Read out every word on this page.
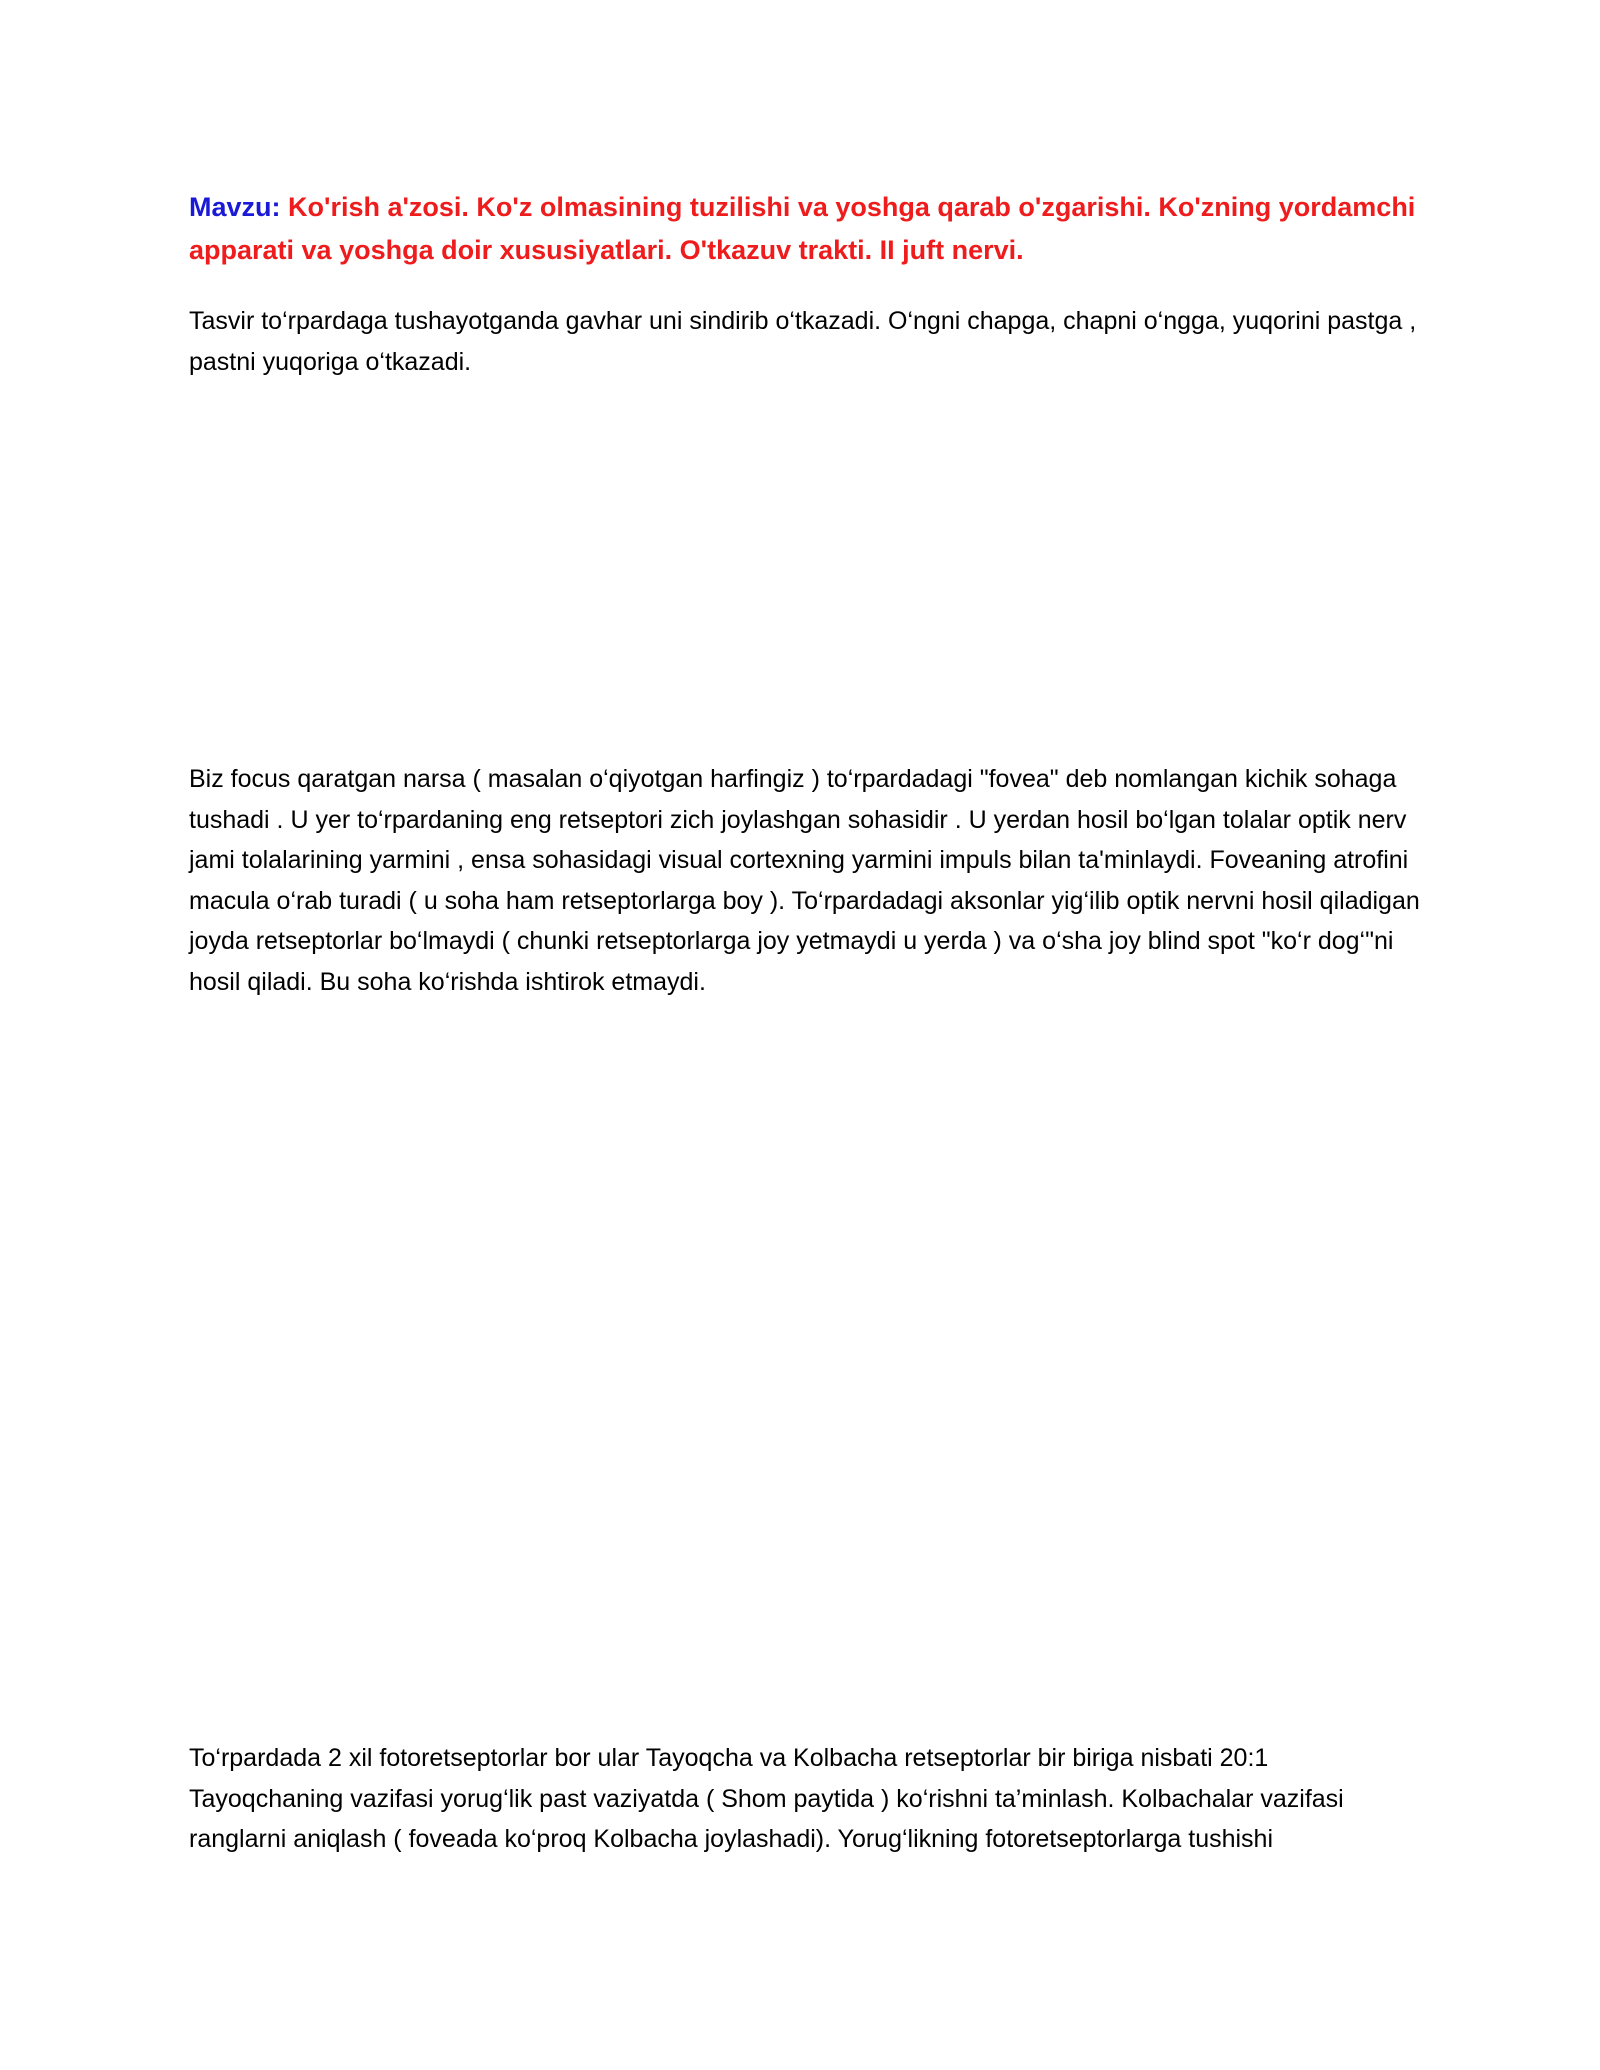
Mavzu: Ko'rish a'zosi. Ko'z olmasining tuzilishi va yoshga qarab o'zgarishi. Ko'zning yordamchi apparati va yoshga doir xususiyatlari. O'tkazuv trakti. II juft nervi.

Tasvir to‘rpardaga tushayotganda gavhar uni sindirib o‘tkazadi. O‘ngni chapga, chapni o‘ngga, yuqorini pastga , pastni yuqoriga o‘tkazadi.

Biz focus qaratgan narsa ( masalan o‘qiyotgan harfingiz ) to‘rpardadagi "fovea" deb nomlangan kichik sohaga tushadi . U yer to‘rpardaning eng retseptori zich joylashgan sohasidir . U yerdan hosil bo‘lgan tolalar optik nerv jami tolalarining yarmini , ensa sohasidagi visual cortexning yarmini impuls bilan ta'minlaydi. Foveaning atrofini macula o‘rab turadi ( u soha ham retseptorlarga boy ). To‘rpardadagi aksonlar yig‘ilib optik nervni hosil qiladigan joyda retseptorlar bo‘lmaydi ( chunki retseptorlarga joy yetmaydi u yerda ) va o‘sha joy blind spot "ko‘r dog‘"ni hosil qiladi. Bu soha ko‘rishda ishtirok etmaydi.

To‘rpardada 2 xil fotoretseptorlar bor ular Tayoqcha va Kolbacha retseptorlar bir biriga nisbati 20:1 Tayoqchaning vazifasi yorug‘lik past vaziyatda ( Shom paytida ) ko‘rishni ta’minlash. Kolbachalar vazifasi ranglarni aniqlash ( foveada ko‘proq Kolbacha joylashadi). Yorug‘likning fotoretseptorlarga tushishi
